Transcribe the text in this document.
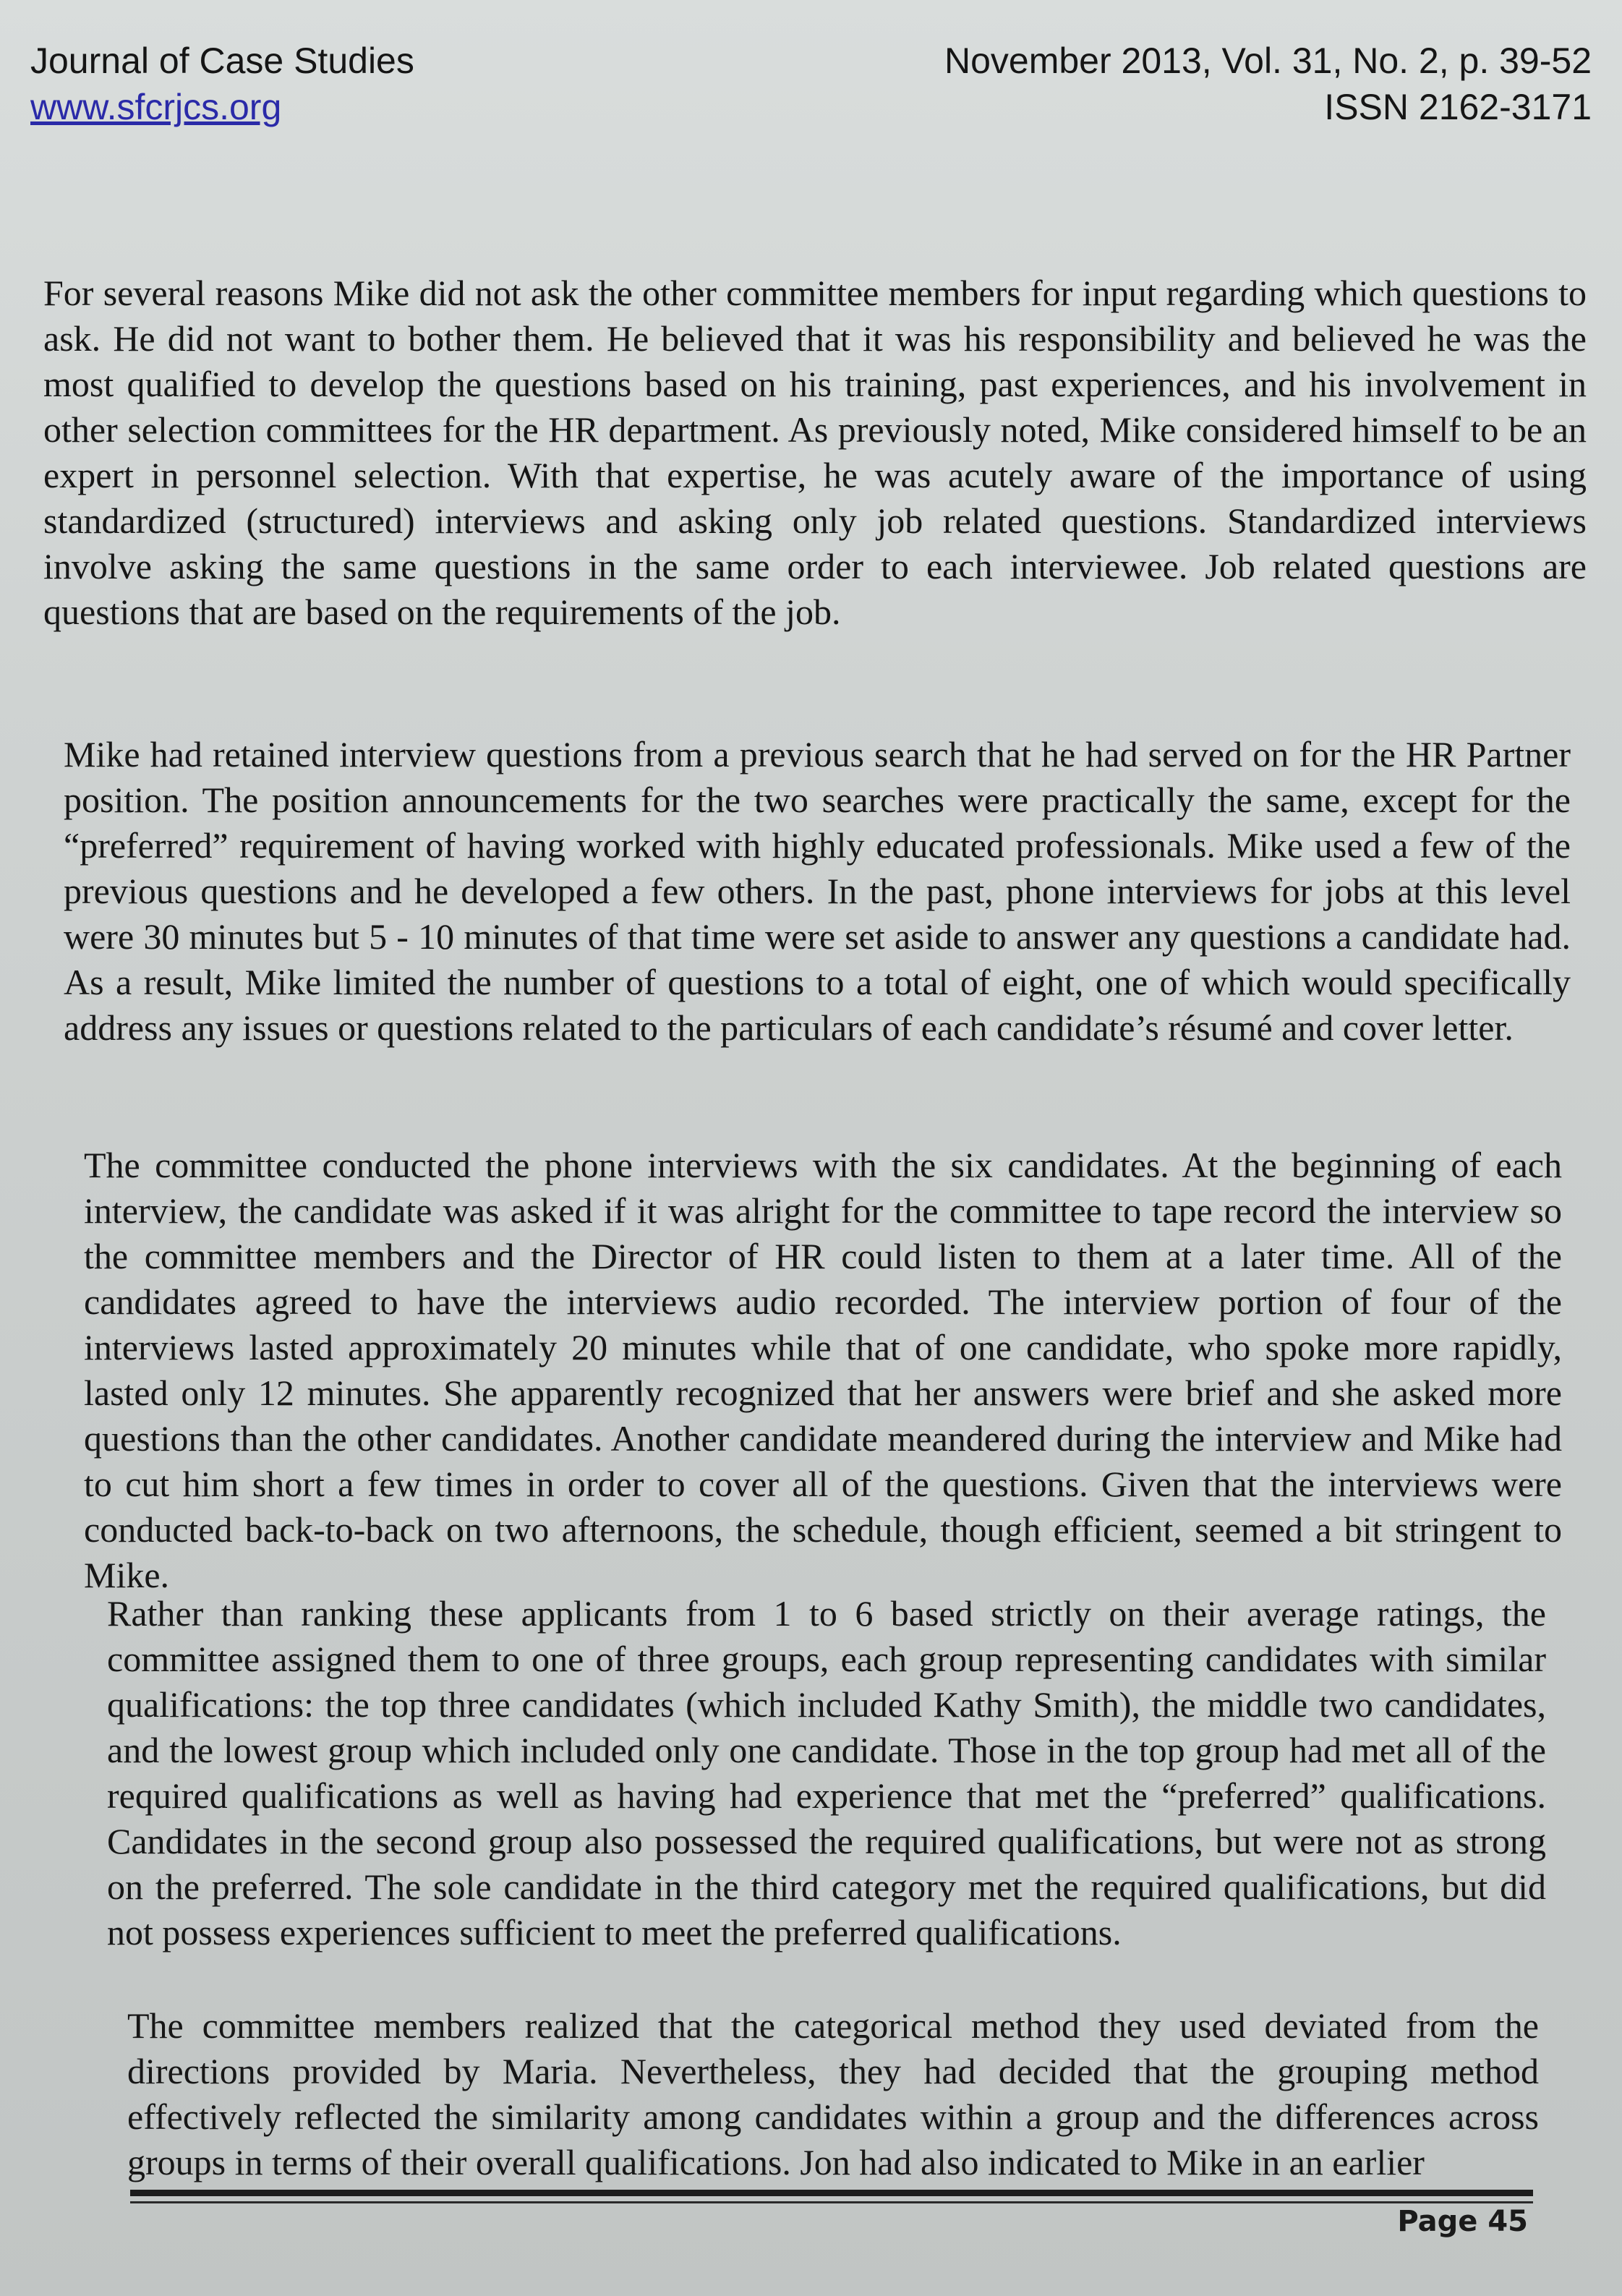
Journal of Case Studies
www.sfcrjcs.org
November 2013, Vol. 31, No. 2, p. 39-52
ISSN 2162-3171

For several reasons Mike did not ask the other committee members for input regarding which questions to ask. He did not want to bother them. He believed that it was his responsibility and believed he was the most qualified to develop the questions based on his training, past experiences, and his involvement in other selection committees for the HR department. As previously noted, Mike considered himself to be an expert in personnel selection. With that expertise, he was acutely aware of the importance of using standardized (structured) interviews and asking only job related questions. Standardized interviews involve asking the same questions in the same order to each interviewee. Job related questions are questions that are based on the requirements of the job.

Mike had retained interview questions from a previous search that he had served on for the HR Partner position. The position announcements for the two searches were practically the same, except for the “preferred” requirement of having worked with highly educated professionals. Mike used a few of the previous questions and he developed a few others. In the past, phone interviews for jobs at this level were 30 minutes but 5 - 10 minutes of that time were set aside to answer any questions a candidate had. As a result, Mike limited the number of questions to a total of eight, one of which would specifically address any issues or questions related to the particulars of each candidate’s résumé and cover letter.

The committee conducted the phone interviews with the six candidates. At the beginning of each interview, the candidate was asked if it was alright for the committee to tape record the interview so the committee members and the Director of HR could listen to them at a later time. All of the candidates agreed to have the interviews audio recorded. The interview portion of four of the interviews lasted approximately 20 minutes while that of one candidate, who spoke more rapidly, lasted only 12 minutes. She apparently recognized that her answers were brief and she asked more questions than the other candidates. Another candidate meandered during the interview and Mike had to cut him short a few times in order to cover all of the questions. Given that the interviews were conducted back-to-back on two afternoons, the schedule, though efficient, seemed a bit stringent to Mike.

Rather than ranking these applicants from 1 to 6 based strictly on their average ratings, the committee assigned them to one of three groups, each group representing candidates with similar qualifications: the top three candidates (which included Kathy Smith), the middle two candidates, and the lowest group which included only one candidate. Those in the top group had met all of the required qualifications as well as having had experience that met the “preferred” qualifications. Candidates in the second group also possessed the required qualifications, but were not as strong on the preferred. The sole candidate in the third category met the required qualifications, but did not possess experiences sufficient to meet the preferred qualifications.

The committee members realized that the categorical method they used deviated from the directions provided by Maria. Nevertheless, they had decided that the grouping method effectively reflected the similarity among candidates within a group and the differences across groups in terms of their overall qualifications. Jon had also indicated to Mike in an earlier

Page 45
